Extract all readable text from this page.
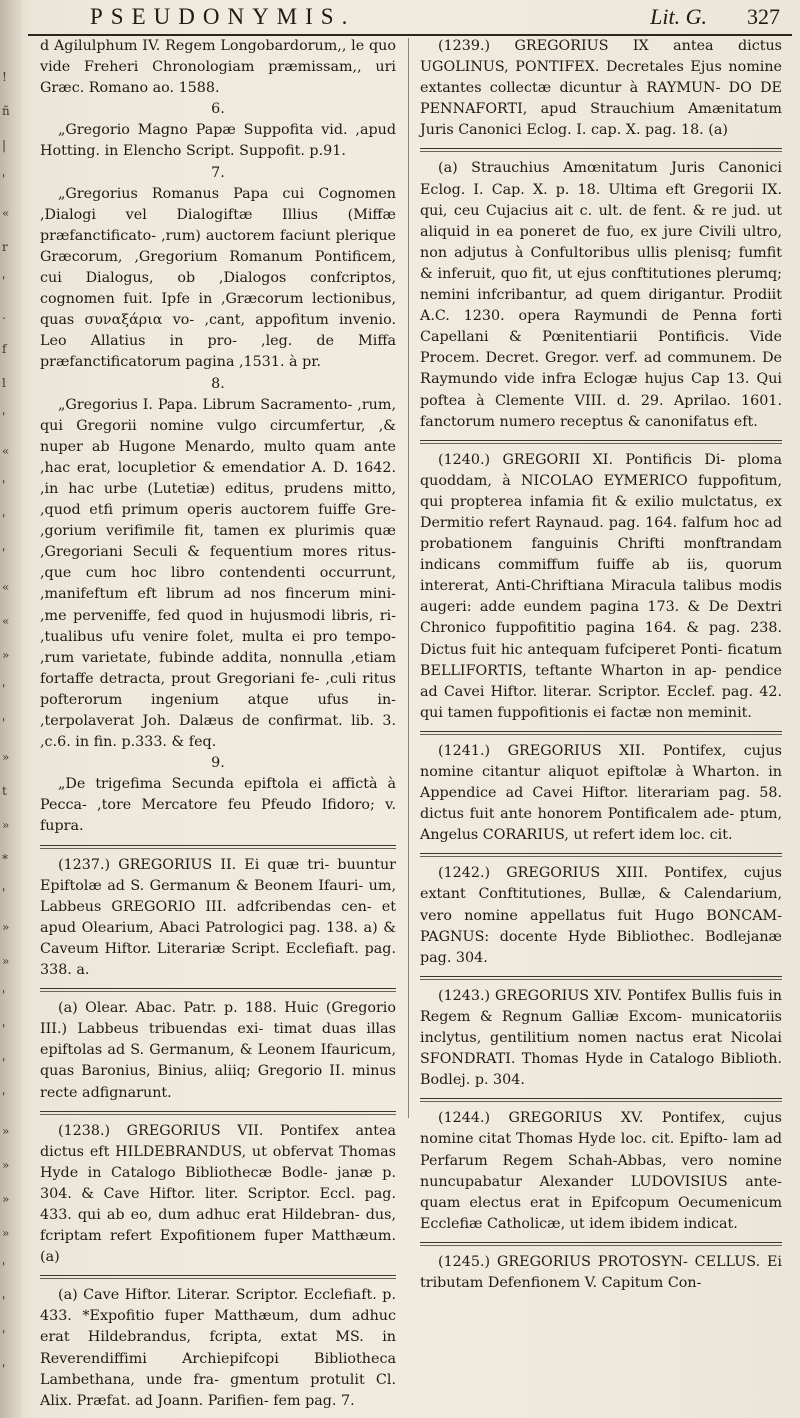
!
ñ
|
'
«
r
'
.
f
l
'
«
'
'
'
«
«
»
'
'
»
t
»
*
'
»
»
'
'
'
'
»
»
»
»
'
'
'
'
PSEUDONYMIS.	Lit. G. 327

d Agilulphum IV. Regem Longobardorum,, le quo vide Freheri Chronologiam præmissam,, uri Græc. Romano ao. 1588.

6.

„Gregorio Magno Papæ Suppofita vid. ,apud Hotting. in Elencho Script. Suppofit. p.91.

7.

„Gregorius Romanus Papa cui Cognomen ,Dialogi vel Dialogiftæ Illius (Miffæ præfanctificato- ,rum) auctorem faciunt plerique Græcorum, ,Gregorium Romanum Pontificem, cui Dialogus, ob ,Dialogos confcriptos, cognomen fuit. Ipfe in ,Græcorum lectionibus, quas συναξάρια vo- ,cant, appofitum invenio. Leo Allatius in pro- ,leg. de Miffa præfanctificatorum pagina ,1531. à pr.

8.

„Gregorius I. Papa. Librum Sacramento- ,rum, qui Gregorii nomine vulgo circumfertur, ,& nuper ab Hugone Menardo, multo quam ante ,hac erat, locupletior & emendatior A. D. 1642. ,in hac urbe (Lutetiæ) editus, prudens mitto, ,quod etfi primum operis auctorem fuiffe Gre- ,gorium verifimile fit, tamen ex plurimis quæ ,Gregoriani Seculi & fequentium mores ritus- ,que cum hoc libro contendenti occurrunt, ,manifeftum eft librum ad nos fincerum mini- ,me perveniffe, fed quod in hujusmodi libris, ri- ,tualibus ufu venire folet, multa ei pro tempo- ,rum varietate, fubinde addita, nonnulla ,etiam fortaffe detracta, prout Gregoriani fe- ,culi ritus pofterorum ingenium atque ufus in- ,terpolaverat Joh. Dalæus de confirmat. lib. 3. ,c.6. in fin. p.333. & feq.

9.

„De trigefima Secunda epiftola ei affictà à Pecca- ,tore Mercatore feu Pfeudo Ifidoro; v. fupra.

(1237.) GREGORIUS II. Ei quæ tri- buuntur Epiftolæ ad S. Germanum & Beonem Ifauri- um, Labbeus GREGORIO III. adfcribendas cen- et apud Olearium, Abaci Patrologici pag. 138. a) & Caveum Hiftor. Literariæ Script. Ecclefiaft. pag. 338. a.

(a) Olear. Abac. Patr. p. 188. Huic (Gregorio III.) Labbeus tribuendas exi- timat duas illas epiftolas ad S. Germanum, & Leonem Ifauricum, quas Baronius, Binius, aliiq; Gregorio II. minus recte adfignarunt.

(1238.) GREGORIUS VII. Pontifex antea dictus eft HILDEBRANDUS, ut obfervat Thomas Hyde in Catalogo Bibliothecæ Bodle- janæ p. 304. & Cave Hiftor. liter. Scriptor. Eccl. pag. 433. qui ab eo, dum adhuc erat Hildebran- dus, fcriptam refert Expofitionem fuper Matthæum. (a)

(a) Cave Hiftor. Literar. Scriptor. Ecclefiaft. p. 433. *Expofitio fuper Matthæum, dum adhuc erat Hildebrandus, fcripta, extat MS. in Reverendiffimi Archiepifcopi Bibliotheca Lambethana, unde fra- gmentum protulit Cl. Alix. Præfat. ad Joann. Parifien- fem pag. 7.

(1239.) GREGORIUS IX antea dictus UGOLINUS, PONTIFEX. Decretales Ejus nomine extantes collectæ dicuntur à RAYMUN- DO DE PENNAFORTI, apud Strauchium Amænitatum Juris Canonici Eclog. I. cap. X. pag. 18. (a)

(a) Strauchius Amœnitatum Juris Canonici Eclog. I. Cap. X. p. 18. Ultima eft Gregorii IX. qui, ceu Cujacius ait c. ult. de fent. & re jud. ut aliquid in ea poneret de fuo, ex jure Civili ultro, non adjutus à Confultoribus ullis plenisq; fumfit & inferuit, quo fit, ut ejus conftitutiones plerumq; nemini infcribantur, ad quem dirigantur. Prodiit A.C. 1230. opera Raymundi de Penna forti Capellani & Pœnitentiarii Pontificis. Vide Procem. Decret. Gregor. verf. ad communem. De Raymundo vide infra Eclogæ hujus Cap 13. Qui poftea à Clemente VIII. d. 29. Aprilao. 1601. fanctorum numero receptus & canonifatus eft.

(1240.) GREGORII XI. Pontificis Di- ploma quoddam, à NICOLAO EYMERICO fuppofitum, qui propterea infamia fit & exilio mulctatus, ex Dermitio refert Raynaud. pag. 164. falfum hoc ad probationem fanguinis Chrifti monftrandam indicans commiffum fuiffe ab iis, quorum intererat, Anti-Chriftiana Miracula talibus modis augeri: adde eundem pagina 173. & De Dextri Chronico fuppofititio pagina 164. & pag. 238. Dictus fuit hic antequam fufciperet Ponti- ficatum BELLIFORTIS, teftante Wharton in ap- pendice ad Cavei Hiftor. literar. Scriptor. Ecclef. pag. 42. qui tamen fuppofitionis ei factæ non meminit.

(1241.) GREGORIUS XII. Pontifex, cujus nomine citantur aliquot epiftolæ à Wharton. in Appendice ad Cavei Hiftor. literariam pag. 58. dictus fuit ante honorem Pontificalem ade- ptum, Angelus CORARIUS, ut refert idem loc. cit.

(1242.) GREGORIUS XIII. Pontifex, cujus extant Conftitutiones, Bullæ, & Calendarium, vero nomine appellatus fuit Hugo BONCAM- PAGNUS: docente Hyde Bibliothec. Bodlejanæ pag. 304.

(1243.) GREGORIUS XIV. Pontifex Bullis fuis in Regem & Regnum Galliæ Excom- municatoriis inclytus, gentilitium nomen nactus erat Nicolai SFONDRATI. Thomas Hyde in Catalogo Biblioth. Bodlej. p. 304.

(1244.) GREGORIUS XV. Pontifex, cujus nomine citat Thomas Hyde loc. cit. Epifto- lam ad Perfarum Regem Schah-Abbas, vero nomine nuncupabatur Alexander LUDOVISIUS ante- quam electus erat in Epifcopum Oecumenicum Ecclefiæ Catholicæ, ut idem ibidem indicat.

(1245.) GREGORIUS PROTOSYN- CELLUS. Ei tributam Defenfionem V. Capitum Con-
